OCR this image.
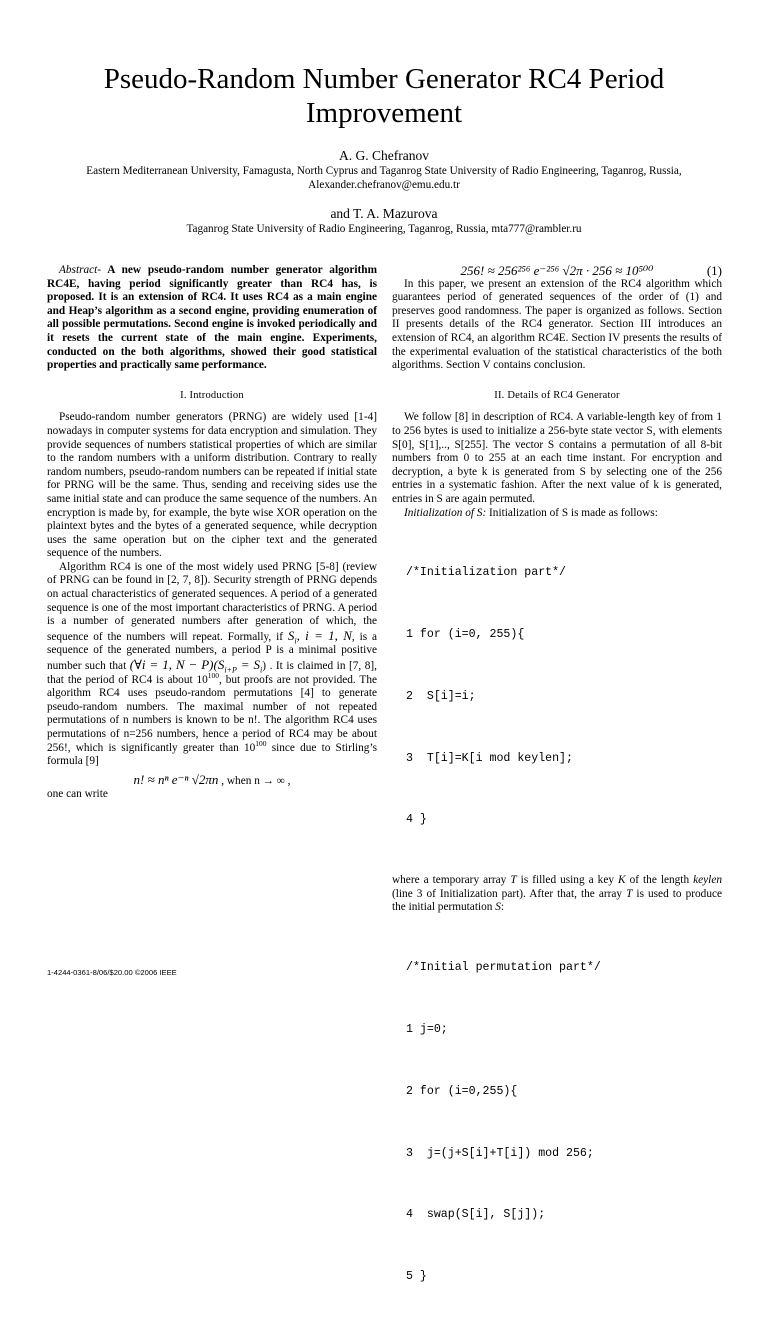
Pseudo-Random Number Generator RC4 Period Improvement
A. G. Chefranov
Eastern Mediterranean University, Famagusta, North Cyprus and Taganrog State University of Radio Engineering, Taganrog, Russia, Alexander.chefranov@emu.edu.tr
and T. A. Mazurova
Taganrog State University of Radio Engineering, Taganrog, Russia, mta777@rambler.ru

Abstract- A new pseudo-random number generator algorithm RC4E, having period significantly greater than RC4 has, is proposed. It is an extension of RC4. It uses RC4 as a main engine and Heap’s algorithm as a second engine, providing enumeration of all possible permutations. Second engine is invoked periodically and it resets the current state of the main engine. Experiments, conducted on the both algorithms, showed their good statistical properties and practically same performance.

I. Introduction

Pseudo-random number generators (PRNG) are widely used [1-4] nowadays in computer systems for data encryption and simulation. They provide sequences of numbers statistical properties of which are similar to the random numbers with a uniform distribution. Contrary to really random numbers, pseudo-random numbers can be repeated if initial state for PRNG will be the same. Thus, sending and receiving sides use the same initial state and can produce the same sequence of the numbers. An encryption is made by, for example, the byte wise XOR operation on the plaintext bytes and the bytes of a generated sequence, while decryption uses the same operation but on the cipher text and the generated sequence of the numbers.

Algorithm RC4 is one of the most widely used PRNG [5-8] (review of PRNG can be found in [2, 7, 8]). Security strength of PRNG depends on actual characteristics of generated sequences. A period of a generated sequence is one of the most important characteristics of PRNG. A period is a number of generated numbers after generation of which, the sequence of the numbers will repeat. Formally, if $S_i$, i = 1, N, is a sequence of the generated numbers, a period P is a minimal positive number such that (∀i = 1, $N - P)(S_{i+P} = S_i)$ . It is claimed in [7, 8], that the period of RC4 is about $10^{100}$, but proofs are not provided. The algorithm RC4 uses pseudo-random permutations [4] to generate pseudo-random numbers. The maximal number of not repeated permutations of n numbers is known to be n!. The algorithm RC4 uses permutations of n=256 numbers, hence a period of RC4 may be about 256!, which is significantly greater than $10^{100}$ since due to Stirling’s formula [9]

n! ≈ nⁿ e⁻ⁿ √2πn , when n → ∞ ,

one can write

256! ≈ 256²⁵⁶ e⁻²⁵⁶ √2π · 256 ≈ 10⁵⁰⁰	(1)

In this paper, we present an extension of the RC4 algorithm which guarantees period of generated sequences of the order of (1) and preserves good randomness. The paper is organized as follows. Section II presents details of the RC4 generator. Section III introduces an extension of RC4, an algorithm RC4E. Section IV presents the results of the experimental evaluation of the statistical characteristics of the both algorithms. Section V contains conclusion.

II. Details of RC4 Generator

We follow [8] in description of RC4. A variable-length key of from 1 to 256 bytes is used to initialize a 256-byte state vector S, with elements S[0], S[1],.., S[255]. The vector S contains a permutation of all 8-bit numbers from 0 to 255 at an each time instant. For encryption and decryption, a byte k is generated from S by selecting one of the 256 entries in a systematic fashion. After the next value of k is generated, entries in S are again permuted.

Initialization of S: Initialization of S is made as follows:

/*Initialization part*/

1 for (i=0, 255){

2  S[i]=i;

3  T[i]=K[i mod keylen];

4 }

where a temporary array T is filled using a key K of the length keylen (line 3 of Initialization part). After that, the array T is used to produce the initial permutation S:

/*Initial permutation part*/

1 j=0;

2 for (i=0,255){

3  j=(j+S[i]+T[i]) mod 256;

4  swap(S[i], S[j]);

5 }

1-4244-0361-8/06/$20.00 ©2006 IEEE
